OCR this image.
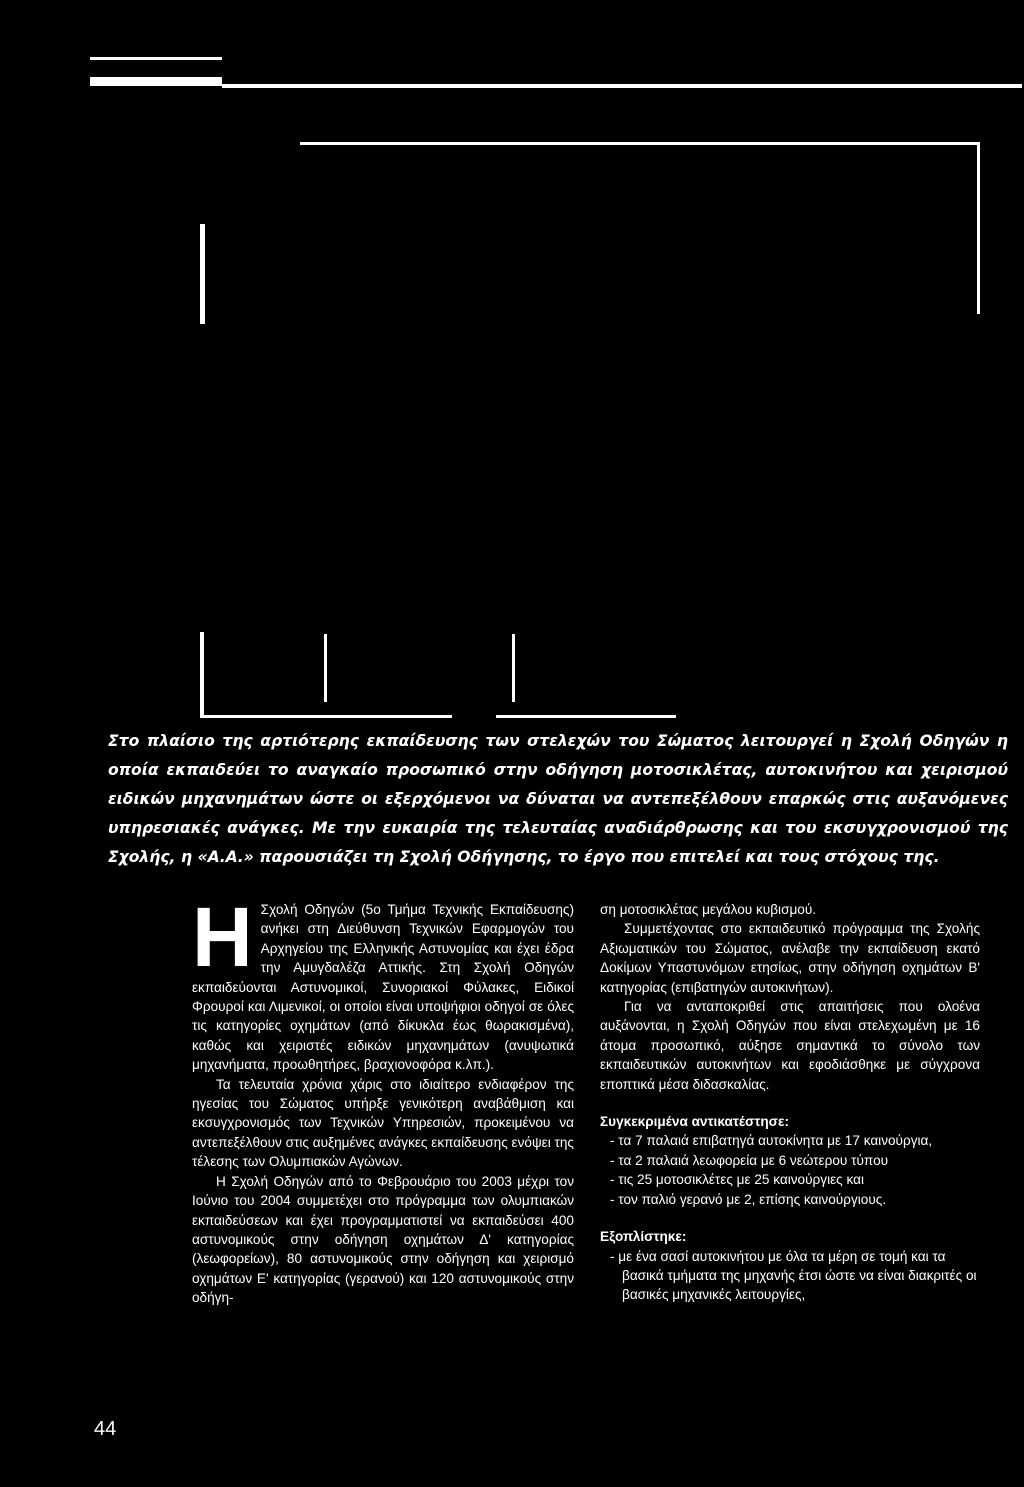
Στο πλαίσιο της αρτιότερης εκπαίδευσης των στελεχών του Σώματος λειτουργεί η Σχολή Οδηγών η οποία εκπαιδεύει το αναγκαίο προσωπικό στην οδήγηση μοτοσικλέτας, αυτοκινήτου και χειρισμού ειδικών μηχανημάτων ώστε οι εξερχόμενοι να δύναται να αντεπεξέλθουν επαρκώς στις αυξανόμενες υπηρεσιακές ανάγκες. Με την ευκαιρία της τελευταίας αναδιάρθρωσης και του εκσυγχρονισμού της Σχολής, η «Α.Α.» παρουσιάζει τη Σχολή Οδήγησης, το έργο που επιτελεί και τους στόχους της.

Η Σχολή Οδηγών (5ο Τμήμα Τεχνικής Εκπαίδευσης) ανήκει στη Διεύθυνση Τεχνικών Εφαρμογών του Αρχηγείου της Ελληνικής Αστυνομίας και έχει έδρα την Αμυγδαλέζα Αττικής. Στη Σχολή Οδηγών εκπαιδεύονται Αστυνομικοί, Συνοριακοί Φύλακες, Ειδικοί Φρουροί και Λιμενικοί, οι οποίοι είναι υποψήφιοι οδηγοί σε όλες τις κατηγορίες οχημάτων (από δίκυκλα έως θωρακισμένα), καθώς και χειριστές ειδικών μηχανημάτων (ανυψωτικά μηχανήματα, προωθητήρες, βραχιονοφόρα κ.λπ.).

Τα τελευταία χρόνια χάρις στο ιδιαίτερο ενδιαφέρον της ηγεσίας του Σώματος υπήρξε γενικότερη αναβάθμιση και εκσυγχρονισμός των Τεχνικών Υπηρεσιών, προκειμένου να αντεπεξέλθουν στις αυξημένες ανάγκες εκπαίδευσης ενόψει της τέλεσης των Ολυμπιακών Αγώνων.

Η Σχολή Οδηγών από το Φεβρουάριο του 2003 μέχρι τον Ιούνιο του 2004 συμμετέχει στο πρόγραμμα των ολυμπιακών εκπαιδεύσεων και έχει προγραμματιστεί να εκπαιδεύσει 400 αστυνομικούς στην οδήγηση οχημάτων Δ' κατηγορίας (λεωφορείων), 80 αστυνομικούς στην οδήγηση και χειρισμό οχημάτων Ε' κατηγορίας (γερανού) και 120 αστυνομικούς στην οδήγη-

ση μοτοσικλέτας μεγάλου κυβισμού.

Συμμετέχοντας στο εκπαιδευτικό πρόγραμμα της Σχολής Αξιωματικών του Σώματος, ανέλαβε την εκπαίδευση εκατό Δοκίμων Υπαστυνόμων ετησίως, στην οδήγηση οχημάτων Β' κατηγορίας (επιβατηγών αυτοκινήτων).

Για να ανταποκριθεί στις απαιτήσεις που ολοένα αυξάνονται, η Σχολή Οδηγών που είναι στελεχωμένη με 16 άτομα προσωπικό, αύξησε σημαντικά το σύνολο των εκπαιδευτικών αυτοκινήτων και εφοδιάσθηκε με σύγχρονα εποπτικά μέσα διδασκαλίας.

Συγκεκριμένα αντικατέστησε:

- τα 7 παλαιά επιβατηγά αυτοκίνητα με 17 καινούργια,
- τα 2 παλαιά λεωφορεία με 6 νεώτερου τύπου
- τις 25 μοτοσικλέτες με 25 καινούργιες και
- τον παλιό γερανό με 2, επίσης καινούργιους.

Εξοπλίστηκε:

- με ένα σασί αυτοκινήτου με όλα τα μέρη σε τομή και τα βασικά τμήματα της μηχανής έτσι ώστε να είναι διακριτές οι βασικές μηχανικές λειτουργίες,
44
